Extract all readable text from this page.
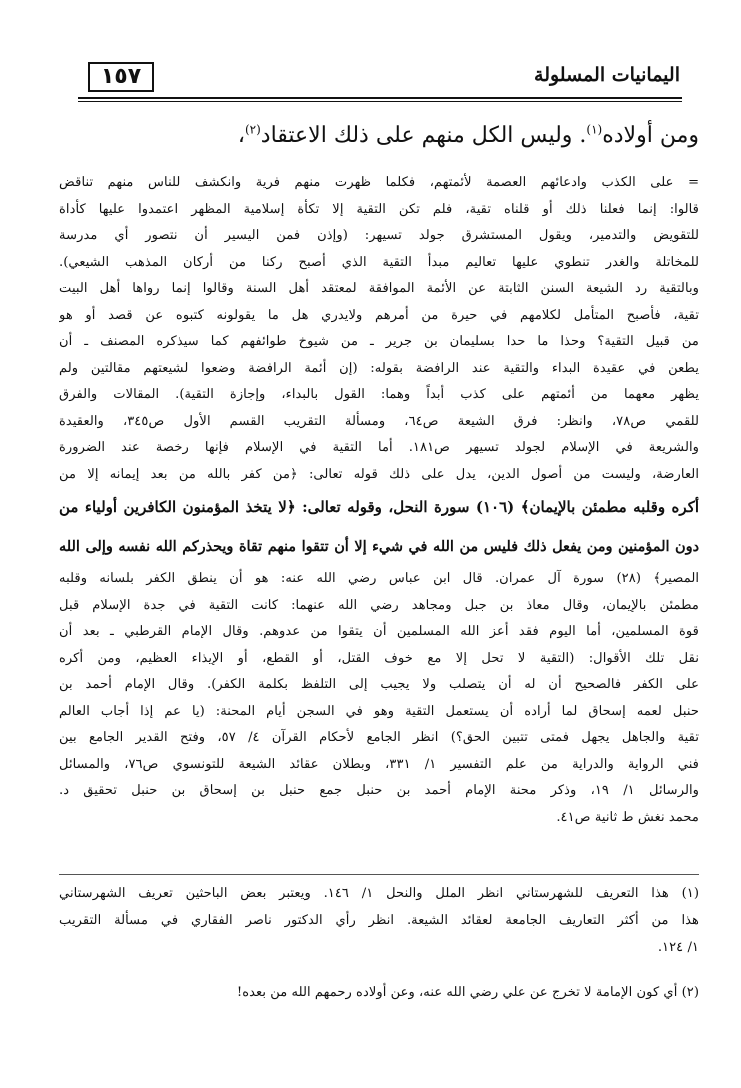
اليمانيات المسلولة
١٥٧
ومن أولاده$^{(١)}$. وليس الكل منهم على ذلك الاعتقاد$^{(٢)}$،
= على الكذب وادعائهم العصمة لأئمتهم، فكلما ظهرت منهم فرية وانكشف للناس منهم تناقض
قالوا: إنما فعلنا ذلك أو قلناه تقية، فلم تكن التقية إلا تكأة إسلامية المظهر اعتمدوا عليها كأداة
للتقويض والتدمير، ويقول المستشرق جولد تسيهر: (وإذن فمن اليسير أن نتصور أي مدرسة
للمخاتلة والغدر تنطوي عليها تعاليم مبدأ التقية الذي أصبح ركنا من أركان المذهب الشيعي).
وبالتقية رد الشيعة السنن الثابتة عن الأئمة الموافقة لمعتقد أهل السنة وقالوا إنما رواها أهل البيت
تقية، فأصبح المتأمل لكلامهم في حيرة من أمرهم ولايدري هل ما يقولونه كتبوه عن قصد أو هو
من قبيل التقية؟ وحذا ما حدا بسليمان بن جرير ـ من شيوخ طوائفهم كما سيذكره المصنف ـ أن
يطعن في عقيدة البداء والتقية عند الرافضة بقوله: (إن أئمة الرافضة وضعوا لشيعتهم مقالتين ولم
يظهر معهما من أئمتهم على كذب أبداً وهما: القول بالبداء، وإجازة التقية). المقالات والفرق
للقمي ص٧٨، وانظر: فرق الشيعة ص٦٤، ومسألة التقريب القسم الأول ص٣٤٥، والعقيدة
والشريعة في الإسلام لجولد تسيهر ص١٨١. أما التقية في الإسلام فإنها رخصة عند الضرورة
العارضة، وليست من أصول الدين، يدل على ذلك قوله تعالى: ﴿من كفر بالله من بعد إيمانه إلا من
أكره وقلبه مطمئن بالإيمان﴾ (١٠٦) سورة النحل، وقوله تعالى: ﴿لا يتخذ المؤمنون الكافرين أولياء من
دون المؤمنين ومن يفعل ذلك فليس من الله في شيء إلا أن تتقوا منهم تقاة ويحذركم الله نفسه وإلى الله
المصير﴾ (٢٨) سورة آل عمران. قال ابن عباس رضي الله عنه: هو أن ينطق الكفر بلسانه وقلبه
مطمئن بالإيمان، وقال معاذ بن جبل ومجاهد رضي الله عنهما: كانت التقية في جدة الإسلام قبل
قوة المسلمين، أما اليوم فقد أعز الله المسلمين أن يتقوا من عدوهم. وقال الإمام القرطبي ـ بعد أن
نقل تلك الأقوال: (التقية لا تحل إلا مع خوف القتل، أو القطع، أو الإيذاء العظيم، ومن أكره
على الكفر فالصحيح أن له أن يتصلب ولا يجيب إلى التلفظ بكلمة الكفر). وقال الإمام أحمد بن
حنبل لعمه إسحاق لما أراده أن يستعمل التقية وهو في السجن أيام المحنة: (يا عم إذا أجاب العالم
تقية والجاهل يجهل فمتى تتبين الحق؟) انظر الجامع لأحكام القرآن ٤/ ٥٧، وفتح القدير الجامع بين
فني الرواية والدراية من علم التفسير ١/ ٣٣١، وبطلان عقائد الشيعة للتونسوي ص٧٦، والمسائل
والرسائل ١/ ١٩، وذكر محنة الإمام أحمد بن حنبل جمع حنبل بن إسحاق بن حنبل تحقيق د.
محمد نغش ط ثانية ص٤١.
(١) هذا التعريف للشهرستاني انظر الملل والنحل ١/ ١٤٦. ويعتبر بعض الباحثين تعريف الشهرستاني
هذا من أكثر التعاريف الجامعة لعقائد الشيعة. انظر رأي الدكتور ناصر الفقاري في مسألة التقريب
١/ ١٢٤.
(٢) أي كون الإمامة لا تخرج عن علي رضي الله عنه، وعن أولاده رحمهم الله من بعده!
